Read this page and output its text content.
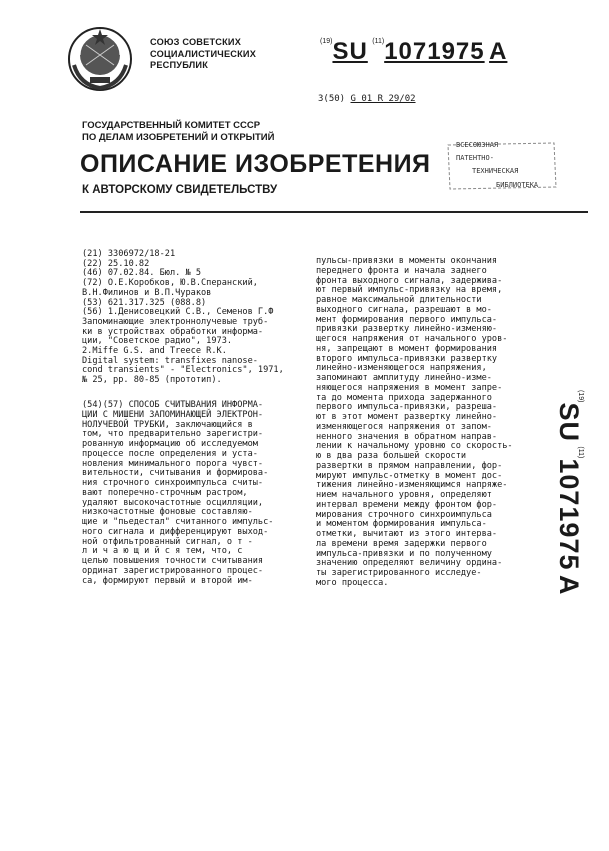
СОЮЗ СОВЕТСКИХ
СОЦИАЛИСТИЧЕСКИХ
РЕСПУБЛИК
$^{(19)}$SU $^{(11)}$1071975 A
3(50) G 01 R 29/02
ГОСУДАРСТВЕННЫЙ КОМИТЕТ СССР
ПО ДЕЛАМ ИЗОБРЕТЕНИЙ И ОТКРЫТИЙ
ОПИСАНИЕ ИЗОБРЕТЕНИЯ
К АВТОРСКОМУ СВИДЕТЕЛЬСТВУ
ВСЕСОЮЗНАЯ
ПАТЕНТНО-
ТЕХНИЧЕСКАЯ
БИБЛИОТЕКА
(21) 3306972/18-21
(22) 25.10.82
(46) 07.02.84. Бюл. № 5
(72) О.Е.Коробков, Ю.В.Сперанский,
В.Н.Филинов и В.П.Чураков
(53) 621.317.325 (088.8)
(56) 1.Денисовецкий С.В., Семенов Г.Ф
Запоминающие электроннолучевые труб-
ки в устройствах обработки информа-
ции, "Советское радио", 1973.
2.Miffe G.S. and Treece R.K.
Digital system: transfixes nanose-
cond transients" - "Electronics", 1971,
№ 25, pp. 80-85 (прототип).
(54)(57) СПОСОБ СЧИТЫВАНИЯ ИНФОРМА-
ЦИИ С МИШЕНИ ЗАПОМИНАЮЩЕЙ ЭЛЕКТРОН-
НОЛУЧЕВОЙ ТРУБКИ, заключающийся в
том, что предварительно зарегистри-
рованную информацию об исследуемом
процессе после определения и уста-
новления минимального порога чувст-
вительности, считывания и формирова-
ния строчного синхроимпульса считы-
вают поперечно-строчным растром,
удаляют высокочастотные осцилляции,
низкочастотные фоновые составляю-
щие и "пьедестал" считанного импульс-
ного сигнала и дифференцируют выход-
ной отфильтрованный сигнал, о т -
л и ч а ю щ и й с я тем, что, с
целью повышения точности считывания
ординат зарегистрированного процес-
са, формируют первый и второй им-
пульсы-привязки в моменты окончания
переднего фронта и начала заднего
фронта выходного сигнала, задержива-
ют первый импульс-привязку на время,
равное максимальной длительности
выходного сигнала, разрешают в мо-
мент формирования первого импульса-
привязки развертку линейно-изменяю-
щегося напряжения от начального уров-
ня, запрещают в момент формирования
второго импульса-привязки развертку
линейно-изменяющегося напряжения,
запоминают амплитуду линейно-изме-
няющегося напряжения в момент запре-
та до момента прихода задержанного
первого импульса-привязки, разреша-
ют в этот момент развертку линейно-
изменяющегося напряжения от запом-
ненного значения в обратном направ-
лении к начальному уровню со скорость-
ю в два раза большей скорости
развертки в прямом направлении, фор-
мируют импульс-отметку в момент дос-
тижения линейно-изменяющимся напряже-
нием начального уровня, определяют
интервал времени между фронтом фор-
мирования строчного синхроимпульса
и моментом формирования импульса-
отметки, вычитают из этого интерва-
ла времени время задержки первого
импульса-привязки и по полученному
значению определяют величину ордина-
ты зарегистрированного исследуе-
мого процесса.
$^{(19)}$SU $^{(11)}$1071975 A
